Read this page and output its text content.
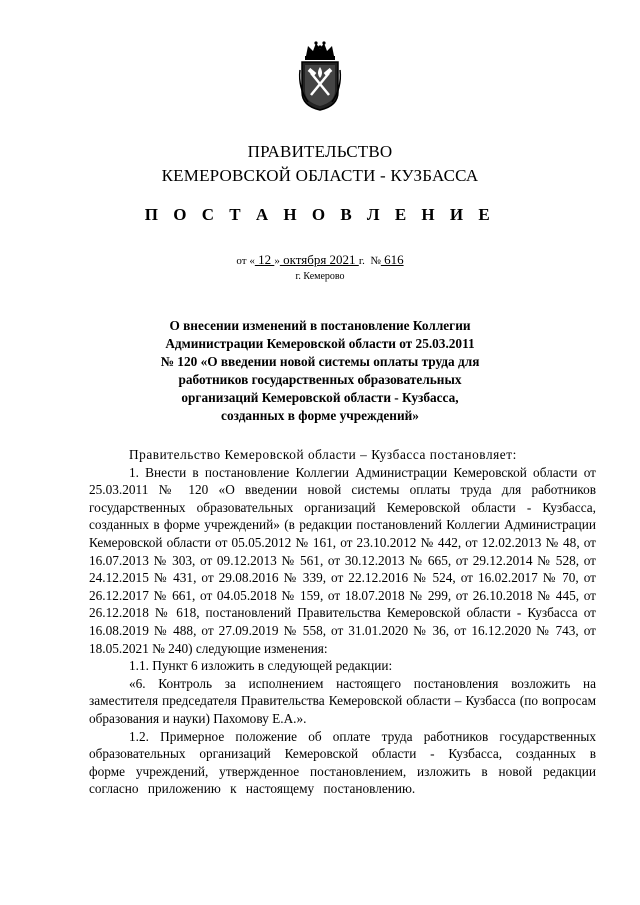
ПРАВИТЕЛЬСТВО
КЕМЕРОВСКОЙ ОБЛАСТИ - КУЗБАССА
П О С Т А Н О В Л Е Н И Е
от « 12 » октября 2021 г. № 616
г. Кемерово
О внесении изменений в постановление Коллегии
Администрации Кемеровской области от 25.03.2011
№ 120 «О введении новой системы оплаты труда для
работников государственных образовательных
организаций Кемеровской области - Кузбасса,
созданных в форме учреждений»

Правительство Кемеровской области – Кузбасса постановляет:

1. Внести в постановление Коллегии Администрации Кемеровской области от 25.03.2011 № 120 «О введении новой системы оплаты труда для работников государственных образовательных организаций Кемеровской области - Кузбасса, созданных в форме учреждений» (в редакции постановлений Коллегии Администрации Кемеровской области от 05.05.2012 № 161, от 23.10.2012 № 442, от 12.02.2013 № 48, от 16.07.2013 № 303, от 09.12.2013 № 561, от 30.12.2013 № 665, от 29.12.2014 № 528, от 24.12.2015 № 431, от 29.08.2016 № 339, от 22.12.2016 № 524, от 16.02.2017 № 70, от 26.12.2017 № 661, от 04.05.2018 № 159, от 18.07.2018 № 299, от 26.10.2018 № 445, от 26.12.2018 № 618, постановлений Правительства Кемеровской области - Кузбасса от 16.08.2019 № 488, от 27.09.2019 № 558, от 31.01.2020 № 36, от 16.12.2020 № 743, от 18.05.2021 № 240) следующие изменения:

1.1. Пункт 6 изложить в следующей редакции:

«6. Контроль за исполнением настоящего постановления возложить на заместителя председателя Правительства Кемеровской области – Кузбасса (по вопросам образования и науки) Пахомову Е.А.».

1.2. Примерное положение об оплате труда работников государственных образовательных организаций Кемеровской области - Кузбасса, созданных в форме учреждений, утвержденное постановлением, изложить в новой редакции согласно приложению к настоящему постановлению.
